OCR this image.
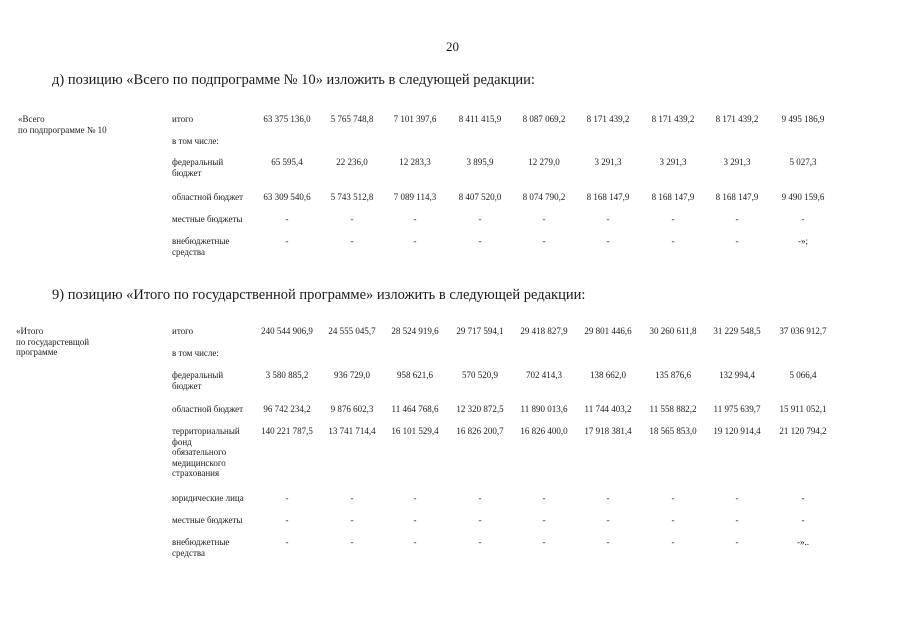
20
д) позицию «Всего по подпрограмме № 10» изложить в следующей редакции:
«Всего
по подпрограмме № 10
итого	63 375 136,0	5 765 748,8	7 101 397,6	8 411 415,9	8 087 069,2	8 171 439,2	8 171 439,2	8 171 439,2	9 495 186,9
в том числе:
федеральный
бюджет
65 595,4	22 236,0	12 283,3	3 895,9	12 279,0	3 291,3	3 291,3	3 291,3	5 027,3
областной бюджет	63 309 540,6	5 743 512,8	7 089 114,3	8 407 520,0	8 074 790,2	8 168 147,9	8 168 147,9	8 168 147,9	9 490 159,6
местные бюджеты	-	-	-	-	-	-	-	-	-
внебюджетные
средства
-	-	-	-	-	-	-	-	-»;
9) позицию «Итого по государственной программе» изложить в следующей редакции:
«Итого
по государстевщой
программе
итого	240 544 906,9	24 555 045,7	28 524 919,6	29 717 594,1	29 418 827,9	29 801 446,6	30 260 611,8	31 229 548,5	37 036 912,7
в том числе:
федеральный
бюджет
3 580 885,2	936 729,0	958 621,6	570 520,9	702 414,3	138 662,0	135 876,6	132 994,4	5 066,4
областной бюджет	96 742 234,2	9 876 602,3	11 464 768,6	12 320 872,5	11 890 013,6	11 744 403,2	11 558 882,2	11 975 639,7	15 911 052,1
территориальный
фонд
обязательного
медицинского
страхования
140 221 787,5	13 741 714,4	16 101 529,4	16 826 200,7	16 826 400,0	17 918 381,4	18 565 853,0	19 120 914,4	21 120 794,2
юридические лица	-	-	-	-	-	-	-	-	-
местные бюджеты	-	-	-	-	-	-	-	-	-
внебюджетные
средства
-	-	-	-	-	-	-	-	-»..
